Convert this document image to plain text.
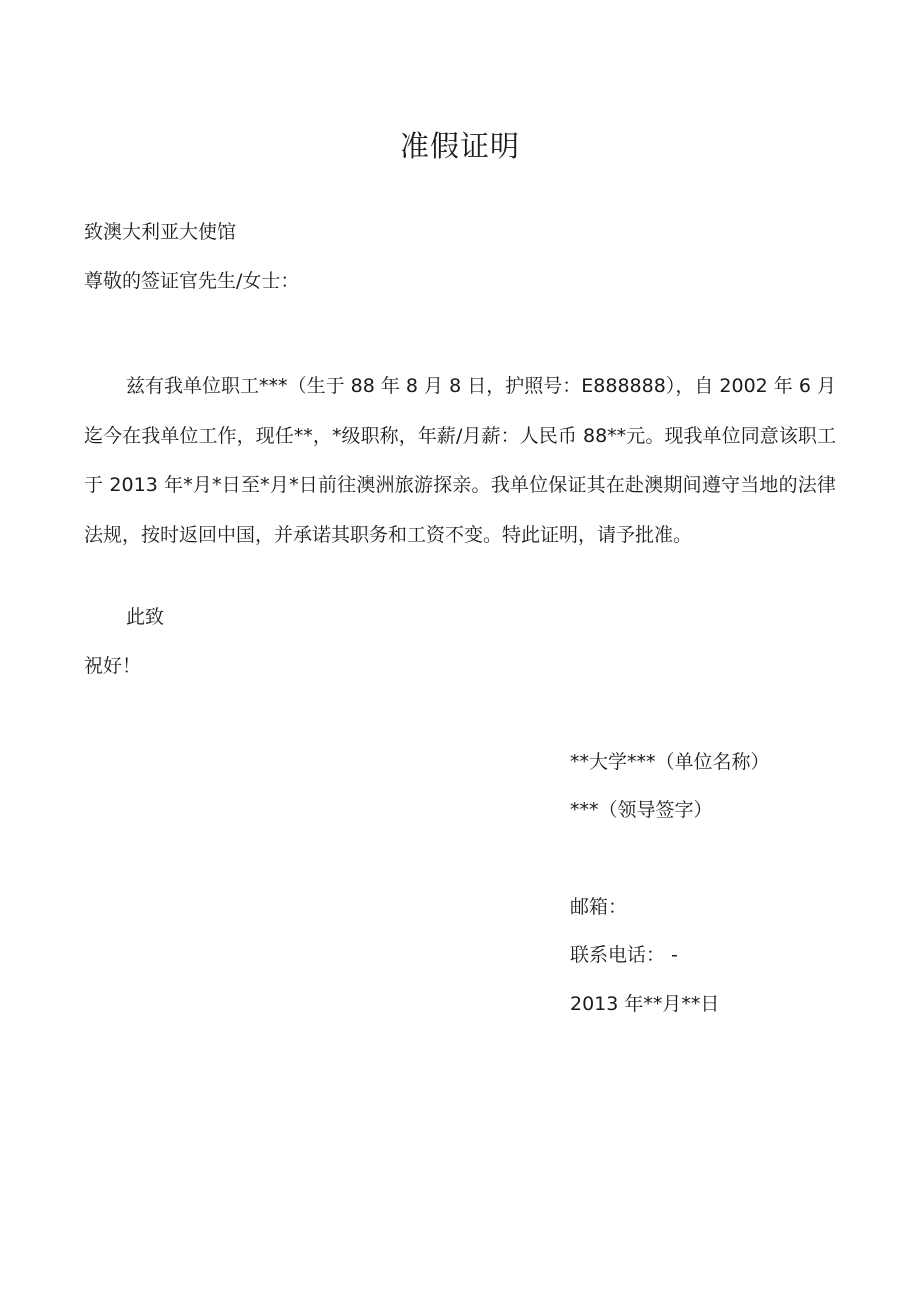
准假证明
致澳大利亚大使馆
尊敬的签证官先生/女士：

兹有我单位职工***（生于 88 年 8 月 8 日，护照号：E888888），自 2002 年 6 月迄今在我单位工作，现任**，*级职称，年薪/月薪：人民币 88**元。现我单位同意该职工于 2013 年*月*日至*月*日前往澳洲旅游探亲。我单位保证其在赴澳期间遵守当地的法律法规，按时返回中国，并承诺其职务和工资不变。特此证明，请予批准。

此致
祝好！
**大学***（单位名称）
***（领导签字）
邮箱：
联系电话： -
2013 年**月**日
